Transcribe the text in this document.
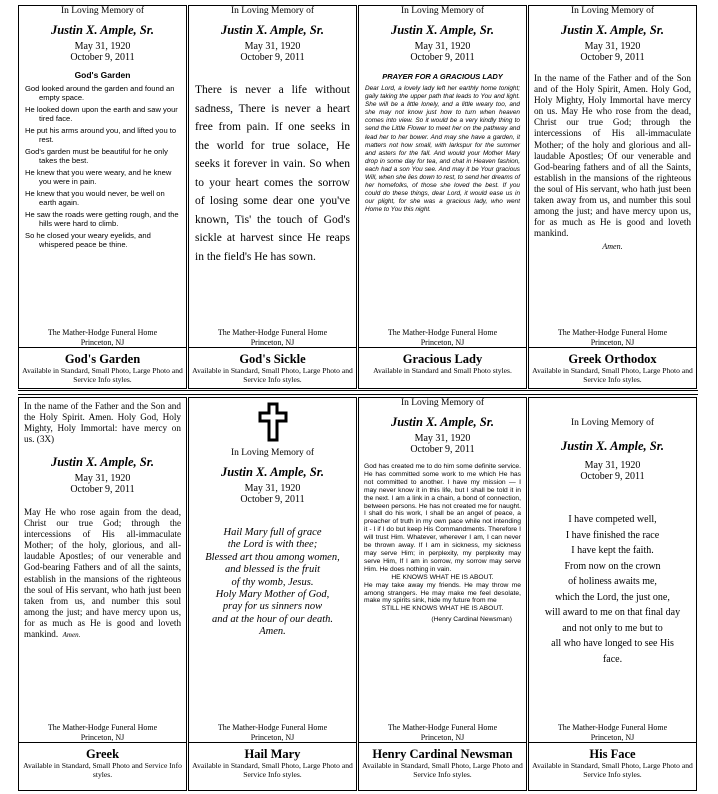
In Loving Memory of
Justin X. Ample, Sr.
May 31, 1920
October 9, 2011
God's Garden
God looked around the garden and found an empty space.
He looked down upon the earth and saw your tired face.
He put his arms around you, and lifted you to rest.
God's garden must be beautiful for he only takes the best.
He knew that you were weary, and he knew you were in pain.
He knew that you would never, be well on earth again.
He saw the roads were getting rough, and the hills were hard to climb.
So he closed your weary eyelids, and whispered peace be thine.
The Mather-Hodge Funeral Home
Princeton, NJ
God's Garden
Available in Standard, Small Photo, Large Photo and Service Info styles.
In Loving Memory of
Justin X. Ample, Sr.
May 31, 1920
October 9, 2011
There is never a life without sadness, There is never a heart free from pain. If one seeks in the world for true solace, He seeks it forever in vain. So when to your heart comes the sorrow of losing some dear one you've known, Tis' the touch of God's sickle at harvest since He reaps in the field's He has sown.
The Mather-Hodge Funeral Home
Princeton, NJ
God's Sickle
Available in Standard, Small Photo, Large Photo and Service Info styles.
In Loving Memory of
Justin X. Ample, Sr.
May 31, 1920
October 9, 2011
PRAYER FOR A GRACIOUS LADY
Dear Lord, a lovely lady left her earthly home tonight; gaily taking the upper path that leads to You and light. She will be a little lonely, and a little weary too, and she may not know just how to turn when heaven comes into view. So it would be a very kindly thing to send the Little Flower to meet her on the pathway and lead her to her bower. And may she have a garden, it matters not how small, with larkspur for the summer and asters for the fall. And would your Mother Mary drop in some day for tea, and chat in Heaven fashion, each had a son You see. And may it be Your gracious Will, when she lies down to rest, to send her dreams of her homefolks, of those she loved the best. If you could do these things, dear Lord, it would ease us in our plight, for she was a gracious lady, who went Home to You this night.
The Mather-Hodge Funeral Home
Princeton, NJ
Gracious Lady
Available in Standard and Small Photo styles.
In Loving Memory of
Justin X. Ample, Sr.
May 31, 1920
October 9, 2011
In the name of the Father and of the Son and of the Holy Spirit, Amen. Holy God, Holy Mighty, Holy Immortal have mercy on us. May He who rose from the dead, Christ our true God; through the intercessions of His all-immaculate Mother; of the holy and glorious and all-laudable Apostles; Of our venerable and God-bearing fathers and of all the Saints, establish in the mansions of the righteous the soul of His servant, who hath just been taken away from us, and number this soul among the just; and have mercy upon us, for as much as He is good and loveth mankind.
Amen.
The Mather-Hodge Funeral Home
Princeton, NJ
Greek Orthodox
Available in Standard, Small Photo, Large Photo and Service Info styles.
In the name of the Father and the Son and the Holy Spirit. Amen. Holy God, Holy Mighty, Holy Immortal: have mercy on us. (3X)
Justin X. Ample, Sr.
May 31, 1920
October 9, 2011
May He who rose again from the dead, Christ our true God; through the intercessions of His all-immaculate Mother; of the holy, glorious, and all-laudable Apostles; of our venerable and God-bearing Fathers and of all the saints, establish in the mansions of the righteous the soul of His servant, who hath just been taken from us, and number this soul among the just; and have mercy upon us, for as much as He is good and loveth mankind. Amen.
The Mather-Hodge Funeral Home
Princeton, NJ
Greek
Available in Standard, Small Photo and Service Info styles.
In Loving Memory of
Justin X. Ample, Sr.
May 31, 1920
October 9, 2011
Hail Mary full of grace
the Lord is with thee;
Blessed art thou among women,
and blessed is the fruit
of thy womb, Jesus.
Holy Mary Mother of God,
pray for us sinners now
and at the hour of our death.
Amen.
The Mather-Hodge Funeral Home
Princeton, NJ
Hail Mary
Available in Standard, Small Photo, Large Photo and Service Info styles.
In Loving Memory of
Justin X. Ample, Sr.
May 31, 1920
October 9, 2011
God has created me to do him some definite service. He has committed some work to me which He has not committed to another. I have my mission — I may never know it in this life, but I shall be told it in the next. I am a link in a chain, a bond of connection, between persons. He has not created me for naught. I shall do his work, I shall be an angel of peace, a preacher of truth in my own pace while not intending it - I if I do but keep His Commandments. Therefore I will trust Him. Whatever, wherever I am, I can never be thrown away. If I am in sickness, my sickness may serve Him; in perplexity, my perplexity may serve Him, If I am in sorrow, my sorrow may serve Him. He does nothing in vain.
HE KNOWS WHAT HE IS ABOUT.
He may take away my friends. He may throw me among strangers. He may make me feel desolate, make my spirits sink, hide my future from me
STILL HE KNOWS WHAT HE IS ABOUT.
(Henry Cardinal Newsman)
The Mather-Hodge Funeral Home
Princeton, NJ
Henry Cardinal Newsman
Available in Standard, Small Photo, Large Photo and Service Info styles.
In Loving Memory of
Justin X. Ample, Sr.
May 31, 1920
October 9, 2011
I have competed well,
I have finished the race
I have kept the faith.
From now on the crown
of holiness awaits me,
which the Lord, the just one,
will award to me on that final day
and not only to me but to
all who have longed to see His
face.
The Mather-Hodge Funeral Home
Princeton, NJ
His Face
Available in Standard, Small Photo, Large Photo and Service Info styles.
